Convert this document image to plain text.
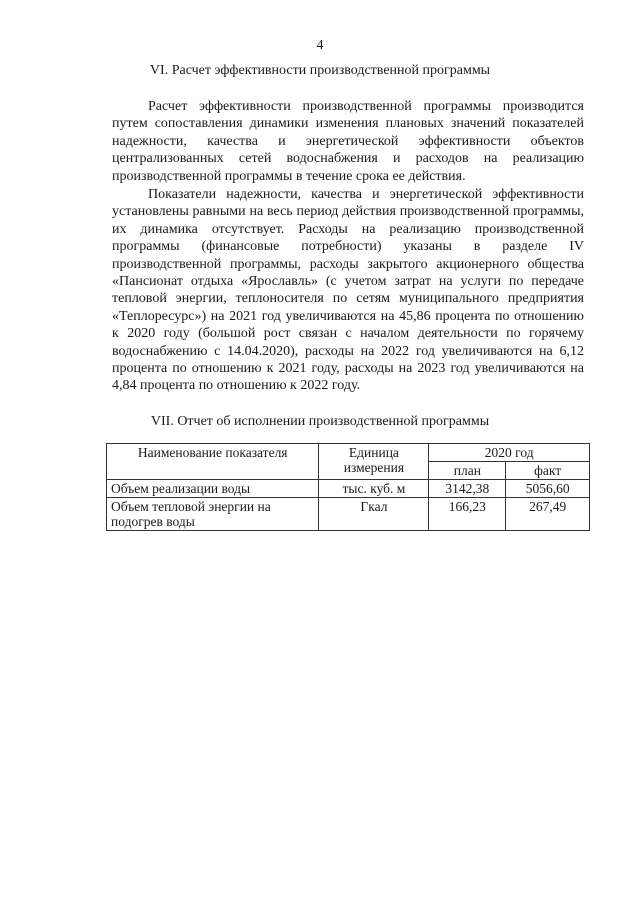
4
VI. Расчет эффективности производственной программы

Расчет эффективности производственной программы производится путем сопоставления динамики изменения плановых значений показателей надежности, качества и энергетической эффективности объектов централизованных сетей водоснабжения и расходов на реализацию производственной программы в течение срока ее действия.

Показатели надежности, качества и энергетической эффективности установлены равными на весь период действия производственной программы, их динамика отсутствует. Расходы на реализацию производственной программы (финансовые потребности) указаны в разделе IV производственной программы, расходы закрытого акционерного общества «Пансионат отдыха «Ярославль» (с учетом затрат на услуги по передаче тепловой энергии, теплоносителя по сетям муниципального предприятия «Теплоресурс») на 2021 год увеличиваются на 45,86 процента по отношению к 2020 году (большой рост связан с началом деятельности по горячему водоснабжению с 14.04.2020), расходы на 2022 год увеличиваются на 6,12 процента по отношению к 2021 году, расходы на 2023 год увеличиваются на 4,84 процента по отношению к 2022 году.

VII. Отчет об исполнении производственной программы
Наименование показателя	Единица измерения	2020 год	
		план	факт
Объем реализации воды	тыс. куб. м	3142,38	5056,60
Объем тепловой энергии на подогрев воды	Гкал	166,23	267,49
